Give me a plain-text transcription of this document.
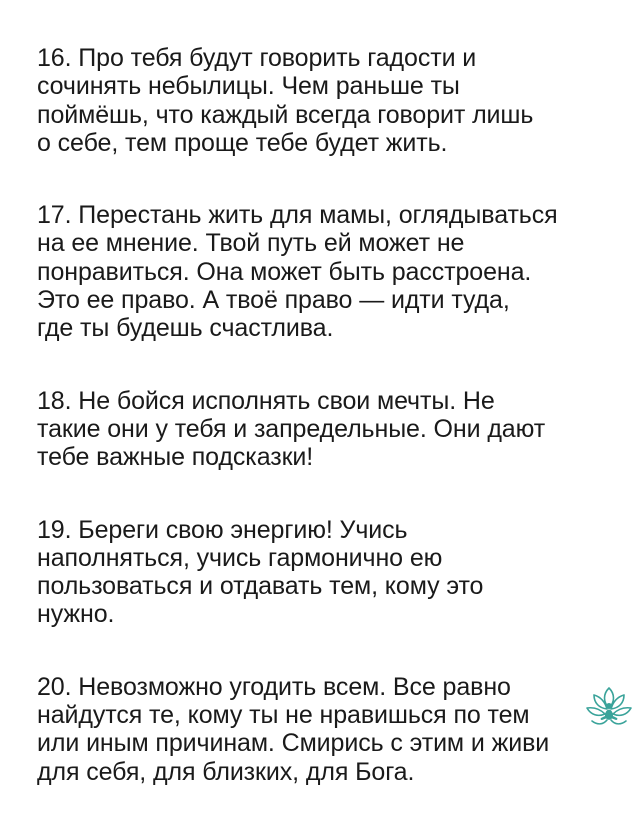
16. Про тебя будут говорить гадости и
сочинять небылицы. Чем раньше ты
поймёшь, что каждый всегда говорит лишь
о себе, тем проще тебе будет жить.
17. Перестань жить для мамы, оглядываться
на ее мнение. Твой путь ей может не
понравиться. Она может быть расстроена.
Это ее право. А твоё право — идти туда,
где ты будешь счастлива.
18. Не бойся исполнять свои мечты. Не
такие они у тебя и запредельные. Они дают
тебе важные подсказки!
19. Береги свою энергию! Учись
наполняться, учись гармонично ею
пользоваться и отдавать тем, кому это
нужно.
20. Невозможно угодить всем. Все равно
найдутся те, кому ты не нравишься по тем
или иным причинам. Смирись с этим и живи
для себя, для близких, для Бога.
